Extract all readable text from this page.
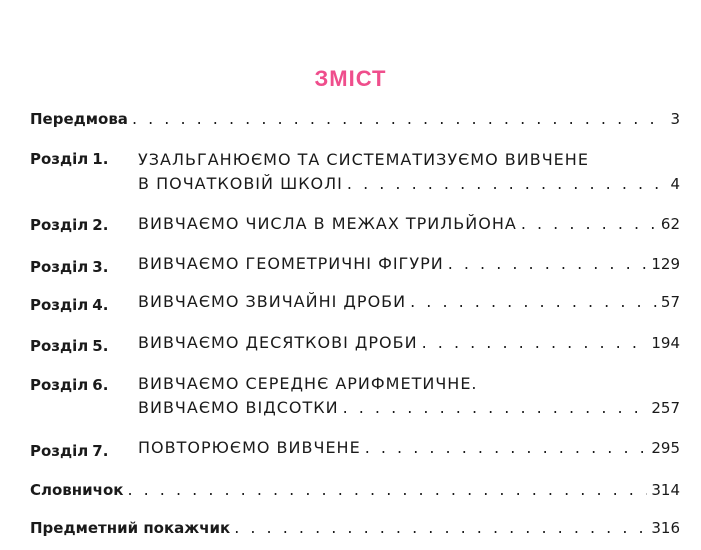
ЗМІСТ
Передмова . . .	3
Розділ 1. УЗАЛЬГАНЮЄМО ТА СИСТЕМАТИЗУЄМО ВИВЧЕНЕ
В ПОЧАТКОВІЙ ШКОЛІ . . .	4
Розділ 2. ВИВЧАЄМО ЧИСЛА В МЕЖАХ ТРИЛЬЙОНА . . .	62
Розділ 3. ВИВЧАЄМО ГЕОМЕТРИЧНІ ФІГУРИ . . .	129
Розділ 4. ВИВЧАЄМО ЗВИЧАЙНІ ДРОБИ . . .	57
Розділ 5. ВИВЧАЄМО ДЕСЯТКОВІ ДРОБИ . . .	194
Розділ 6. ВИВЧАЄМО СЕРЕДНЄ АРИФМЕТИЧНЕ.
ВИВЧАЄМО ВІДСОТКИ . . .	257
Розділ 7. ПОВТОРЮЄМО ВИВЧЕНЕ . . .	295
Словничок . . .	314
Предметний покажчик . . .	316
